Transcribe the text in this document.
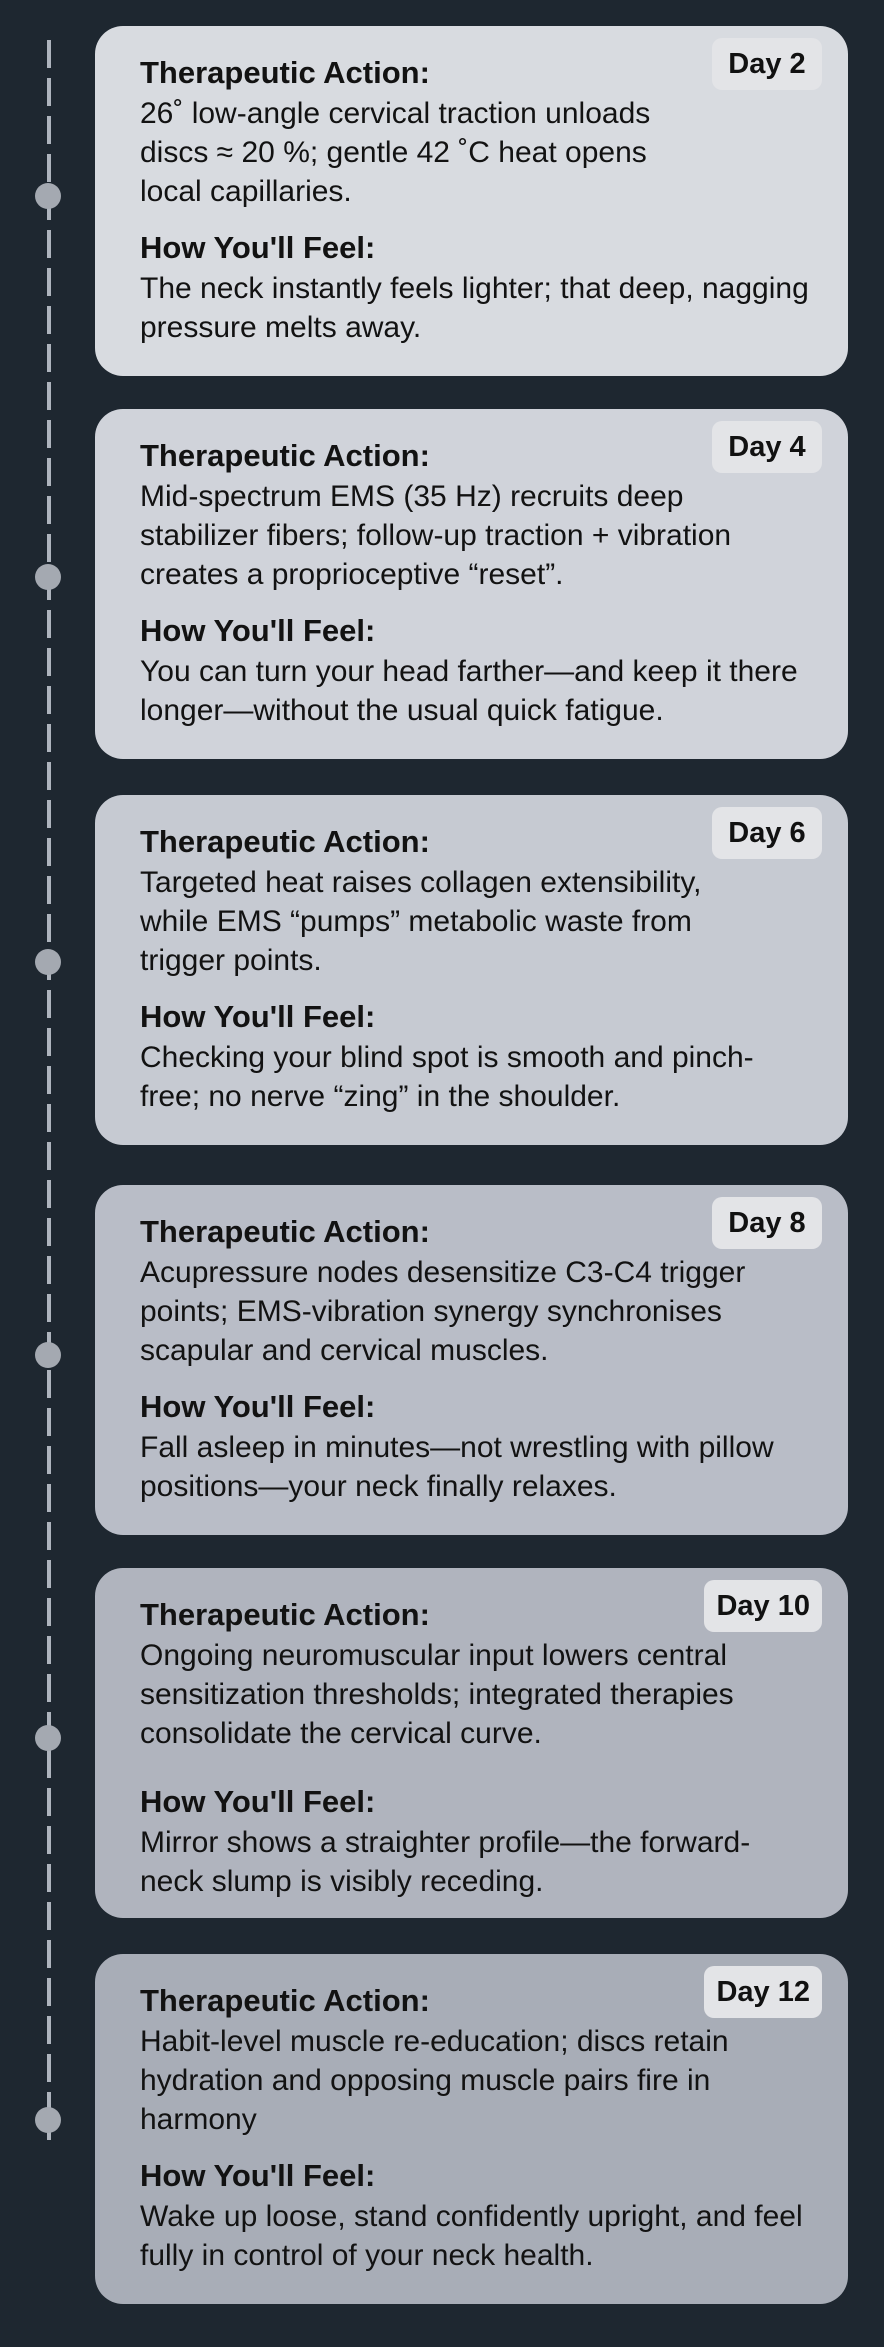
Day 2
Therapeutic Action:
26˚ low-angle cervical traction unloads discs ≈ 20 %; gentle 42 ˚C heat opens local capillaries.
How You'll Feel:
The neck instantly feels lighter; that deep, nagging pressure melts away.
Day 4
Therapeutic Action:
Mid-spectrum EMS (35 Hz) recruits deep stabilizer fibers; follow-up traction + vibration creates a proprioceptive “reset”.
How You'll Feel:
You can turn your head farther—and keep it there longer—without the usual quick fatigue.
Day 6
Therapeutic Action:
Targeted heat raises collagen extensibility, while EMS “pumps” metabolic waste from trigger points.
How You'll Feel:
Checking your blind spot is smooth and pinch-free; no nerve “zing” in the shoulder.
Day 8
Therapeutic Action:
Acupressure nodes desensitize C3-C4 trigger points; EMS-vibration synergy synchronises scapular and cervical muscles.
How You'll Feel:
Fall asleep in minutes—not wrestling with pillow positions—your neck finally relaxes.
Day 10
Therapeutic Action:
Ongoing neuromuscular input lowers central sensitization thresholds; integrated therapies consolidate the cervical curve.
How You'll Feel:
Mirror shows a straighter profile—the forward-neck slump is visibly receding.
Day 12
Therapeutic Action:
Habit-level muscle re-education; discs retain hydration and opposing muscle pairs fire in harmony
How You'll Feel:
Wake up loose, stand confidently upright, and feel fully in control of your neck health.
